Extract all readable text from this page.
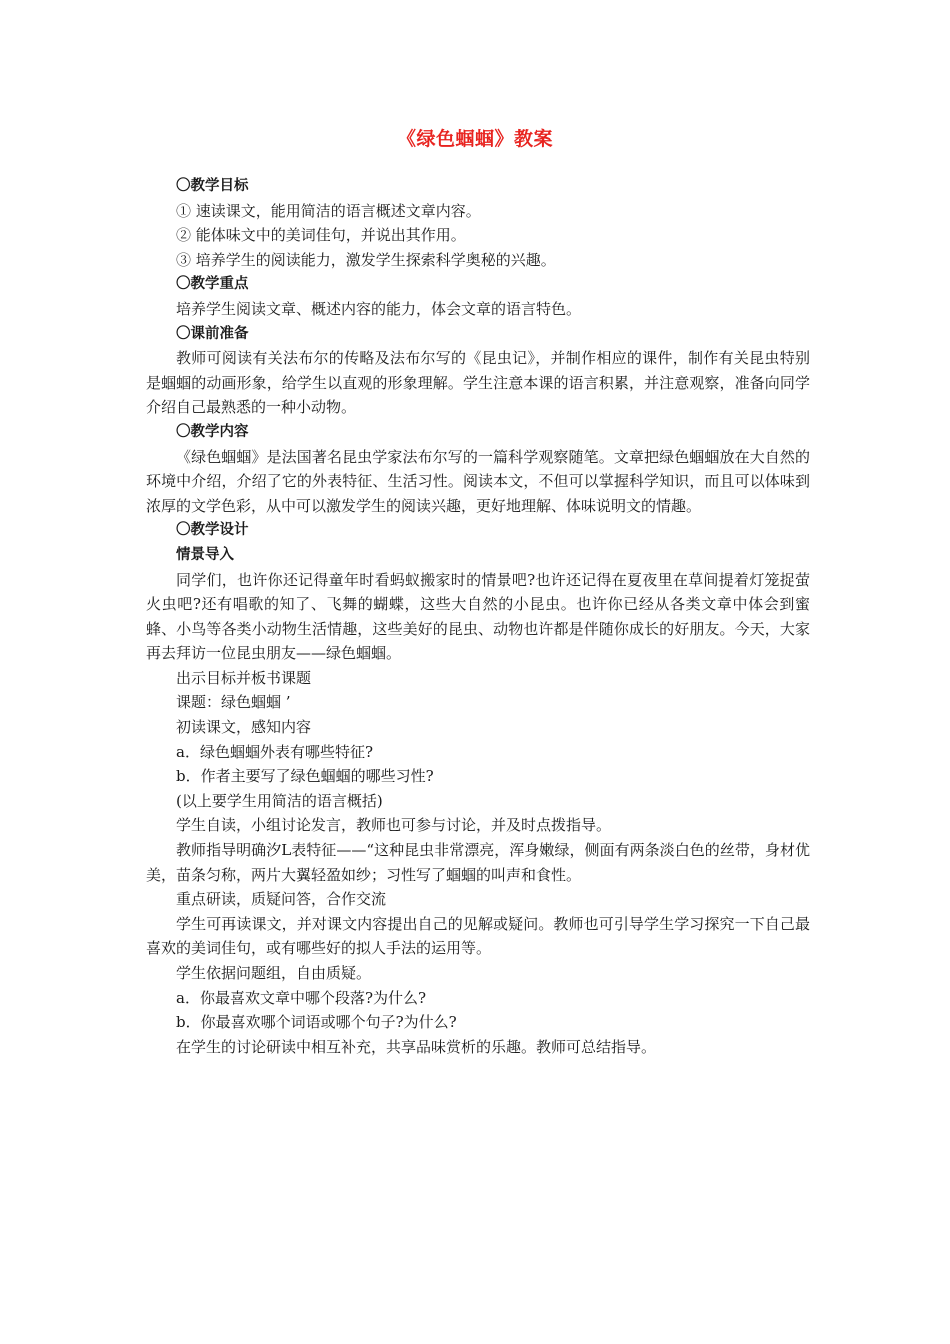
《绿色蝈蝈》教案

〇教学目标

① 速读课文，能用简洁的语言概述文章内容。

② 能体味文中的美词佳句，并说出其作用。

③ 培养学生的阅读能力，激发学生探索科学奥秘的兴趣。

〇教学重点

培养学生阅读文章、概述内容的能力，体会文章的语言特色。

〇课前准备

教师可阅读有关法布尔的传略及法布尔写的《昆虫记》，并制作相应的课件，制作有关昆虫特别是蝈蝈的动画形象，给学生以直观的形象理解。学生注意本课的语言积累，并注意观察，准备向同学介绍自己最熟悉的一种小动物。

〇教学内容

《绿色蝈蝈》是法国著名昆虫学家法布尔写的一篇科学观察随笔。文章把绿色蝈蝈放在大自然的环境中介绍，介绍了它的外表特征、生活习性。阅读本文，不但可以掌握科学知识，而且可以体味到浓厚的文学色彩，从中可以激发学生的阅读兴趣，更好地理解、体味说明文的情趣。

〇教学设计

情景导入

同学们，也许你还记得童年时看蚂蚁搬家时的情景吧?也许还记得在夏夜里在草间提着灯笼捉萤火虫吧?还有唱歌的知了、飞舞的蝴蝶，这些大自然的小昆虫。也许你已经从各类文章中体会到蜜蜂、小鸟等各类小动物生活情趣，这些美好的昆虫、动物也许都是伴随你成长的好朋友。今天，大家再去拜访一位昆虫朋友——绿色蝈蝈。

出示目标并板书课题

课题：绿色蝈蝈 ’

初读课文，感知内容

a．绿色蝈蝈外表有哪些特征?

b．作者主要写了绿色蝈蝈的哪些习性?

(以上要学生用简洁的语言概括)

学生自读，小组讨论发言，教师也可参与讨论，并及时点拨指导。

教师指导明确汐L表特征——“这种昆虫非常漂亮，浑身嫩绿，侧面有两条淡白色的丝带，身材优美，苗条匀称，两片大翼轻盈如纱；习性写了蝈蝈的叫声和食性。

重点研读，质疑问答，合作交流

学生可再读课文，并对课文内容提出自己的见解或疑问。教师也可引导学生学习探究一下自己最喜欢的美词佳句，或有哪些好的拟人手法的运用等。

学生依据问题组，自由质疑。

a．你最喜欢文章中哪个段落?为什么?

b．你最喜欢哪个词语或哪个句子?为什么?

在学生的讨论研读中相互补充，共享品味赏析的乐趣。教师可总结指导。
